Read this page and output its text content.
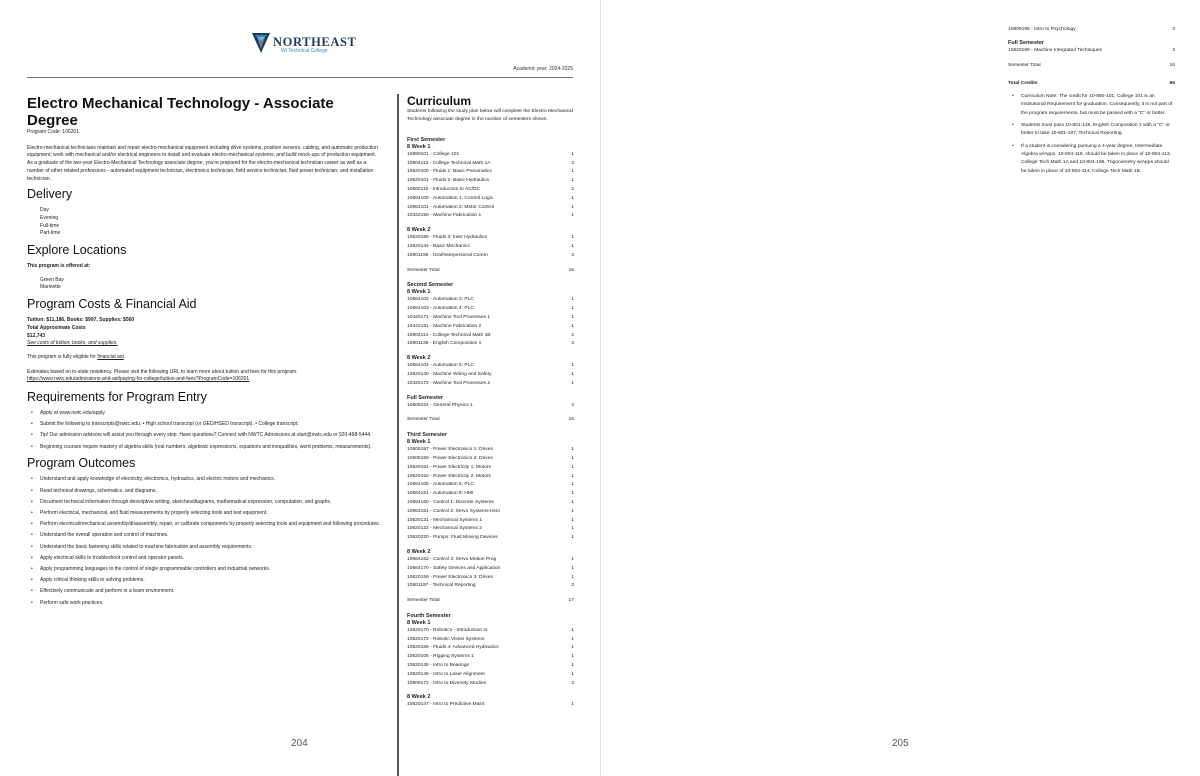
NORTHEAST
WI Technical College
Academic year: 2024-2025
Electro Mechanical Technology - Associate Degree
Program Code: 106201

Electro-mechanical technicians maintain and repair electro-mechanical equipment including drive systems, position sensors, cabling, and automatic production equipment; work with mechanical and/or electrical engineers to install and evaluate electro-mechanical systems; and build mock-ups of production equipment. As a graduate of the two-year Electro-Mechanical Technology associate degree, you're prepared for the electro-mechanical technician career as well as a number of other related professions - automated equipment technician, electronics technician, field service technician, fluid power technician, and installation technician.

Delivery
Day
Evening
Full-time
Part-time
Explore Locations
This program is offered at:
Green Bay
Marinette
Program Costs & Financial Aid
Tuition: $11,186, Books: $997, Supplies: $560
Total Approximate Costs
$12,743
See costs of tuition, books, and supplies.

This program is fully eligible for financial aid.

Estimates based on in-state residency. Please visit the following URL to learn more about tuition and fees for this program.

https://www.nwtc.edu/admissions-and-aid/paying-for-college/tuition-and-fees?ProgramCode=106201
Requirements for Program Entry
• Apply at www.nwtc.edu/apply.
• Submit the following to transcripts@nwtc.edu: • High school transcript (or GED/HSED transcript). • College transcript.
• Tip! Our admission advisors will assist you through every step. Have questions? Connect with NWTC Admissions at start@nwtc.edu or 920-498-5444.
• Beginning courses require mastery of algebra skills (real numbers, algebraic expressions, equations and inequalities, word problems, measurements).
Program Outcomes
• Understand and apply knowledge of electricity, electronics, hydraulics, and electric motors and mechanics.
• Read technical drawings, schematics, and diagrams.
• Document technical information through descriptive writing, sketches/diagrams, mathematical expression, computation, and graphs.
• Perform electrical, mechanical, and fluid measurements by properly selecting tools and test equipment.
• Perform electrical/mechanical assembly/disassembly, repair, or calibrate components by properly selecting tools and equipment and following procedures.
• Understand the overall operation and control of machines.
• Understand the basic fastening skills related to machine fabrication and assembly requirements.
• Apply electrical skills to troubleshoot control and operator panels.
• Apply programming languages to the control of single programmable controllers and industrial networks.
• Apply critical thinking skills to solving problems.
• Effectively communicate and perform in a team environment.
• Perform safe work practices.
Curriculum
Students following the study plan below will complete the Electro Mechanical Technology associate degree in the number of semesters shown.
First Semester
8 Week 1
10890101 - College 101	1
10804113 - College Technical Math 1A	3
10620100 - Fluids 1: Basic Pneumatics	1
10620101 - Fluids 2: Basic Hydraulics	1
10660116 - Introduction to AC/DC	2
10664100 - Automation 1: Control Logic	1
10664101 - Automation 2: Motor Control	1
10442150 - Machine Fabrication 1	1
8 Week 2
10620165 - Fluids 3: Inter Hydraulics	1
10620144 - Basic Mechanics	1
10801196 - Oral/Interpersonal Comm	3
Semester Total	16
Second Semester
8 Week 1
10664102 - Automation 3: PLC	1
10664103 - Automation 4: PLC	1
10420171 - Machine Tool Processes 1	1
10442151 - Machine Fabrication 2	1
10804114 - College Technical Math 1B	2
10801136 - English Composition 1	3
8 Week 2
10664104 - Automation 5: PLC	1
10620140 - Machine Wiring and Safety	1
10420172 - Machine Tool Processes 2	1
Full Semester
10806154 - General Physics 1	4
Semester Total	16
Third Semester
8 Week 1
10605157 - Power Electronics 1: Drives	1
10605158 - Power Electronics 2: Drives	1
10620161 - Power Electricity 1: Motors	1
10620162 - Power Electricity 2: Motors	1
10664105 - Automation 6: PLC	1
10664151 - Automation 8: HMI	1
10664160 - Control 1: Discrete Systems	1
10664161 - Control 2: Servo Systems-Intro	1
10620121 - Mechanical Systems 1	1
10620122 - Mechanical Systems 2	1
10620220 - Pumps: Fluid Moving Devices	1
8 Week 2
10664162 - Control 3: Servo Motion Prog	1
10664170 - Safety Devices and Application	1
10620159 - Power Electronics 3: Drives	1
10801197 - Technical Reporting	3
Semester Total	17
Fourth Semester
8 Week 1
10620170 - Robotics - Introduction to	1
10620172 - Robotic Vision Systems	1
10620166 - Fluids 4: Advanced Hydraulics	1
10620105 - Rigging Systems 1	1
10620145 - Intro to Bearings	1
10620146 - Intro to Laser Alignment	1
10809172 - Intro to Diversity Studies	3
8 Week 2
10620147 - Intro to Predictive Maint	1
204
10809198 - Intro to Psychology	3
Full Semester
10620189 - Machine Integrated Techniques	3
Semester Total	16
Total Credits	65
• Curriculum Note: The credit for 10-890-101, College 101 is an Institutional Requirement for graduation. Consequently, it is not part of the program requirements, but must be passed with a "C" or better.
• Students must pass 10-801-136, English Composition 1 with a "C" or better to take 10-801-197, Technical Reporting.
• If a student is considering pursuing a 4-year degree, Intermediate Algebra w/Apps, 10-804-118, should be taken in place of 10-804-113, College Tech Math 1A and 10-804-196, Trigonometry w/Apps should be taken in place of 10-804-114, College Tech Math 1B.
205
